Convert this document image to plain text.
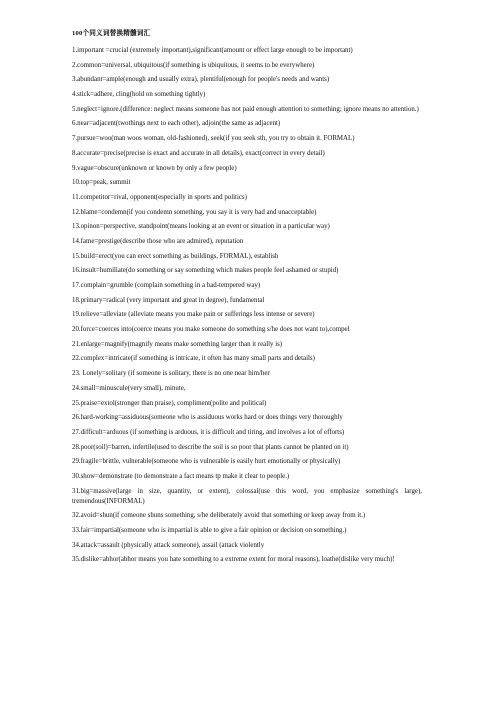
100个同义词替换精髓词汇
1.important =crucial (extremely important),significant(amount or effect large enough to be important)
2.common=universal, ubiquitous(if something is ubiquitous, it seems to be everywhere)
3.abundant=ample(enough and usually extra), plentiful(enough for people's needs and wants)
4.stick=adhere, cling(hold on something tightly)
5.neglect=ignore.(difference: neglect means someone has not paid enough attention to something; ignore means no attention.)
6.near=adjacent(twothings next to each other), adjoin(the same as adjacent)
7.pursue=woo(man woos woman, old-fashioned), seek(if you seek sth, you try to obtain it. FORMAL)
8.accurate=precise(precise is exact and accurate in all details), exact(correct in every detail)
9.vague=obscure(unknown or known by only a few people)
10.top=peak, summit
11.competitor=rival, opponent(especially in sports and politics)
12.blame=condemn(if you condemn something, you say it is very bad and unacceptable)
13.opinon=perspective, standpoint(means looking at an event or situation in a particular way)
14.fame=prestige(describe those who are admired), reputation
15.build=erect(you can erect something as buildings, FORMAL), establish
16.insult=humiliate(do something or say something which makes people feel ashamed or stupid)
17.complain=grumble (complain something in a bad-tempered way)
18.primary=radical (very important and great in degree), fundamental
19.relieve=alleviate (alleviate means you make pain or sufferings less intense or severe)
20.force=coerces into(coerce means you make someone do something s/he does not want to),compel
21.enlarge=magnify(magnify means make something larger than it really is)
22.complex=intricate(if something is intricate, it often has many small parts and details)
23. Lonely=solitary (if someone is solitary, there is no one near him/her
24.small=minuscule(very small), minute,
25.praise=extol(stronger than praise), compliment(polite and political)
26.hard-working=assiduous(someone who is assiduous works hard or does things very thoroughly
27.difficult=arduous (if something is arduous, it is difficult and tiring, and involves a lot of efforts)
28.poor(soil)=barren, infertile(used to describe the soil is so poor that plants cannot be planted on it)
29.fragile=brittle, vulnerable(someone who is vulnerable is easily hurt emotionally or physically)
30.show=demonstrate (to demonstrate a fact means tp make it clear to people.)
31.big=massive(large in size, quantity, or extent), colossal(use this word, you emphasize something's large), tremendous(INFORMAL)
32.avoid=shun(if comeone shuns something, s/he deliberately avoid that something or keep away from it.)
33.fair=impartial(someone who is impartial is able to give a fair opinion or decision on something.)
34.attack=assault (physically attack someone), assail (attack violently
35.dislike=abhor(abhor means you hate something to a extreme extent for moral reasons), loathe(dislike very much)!
